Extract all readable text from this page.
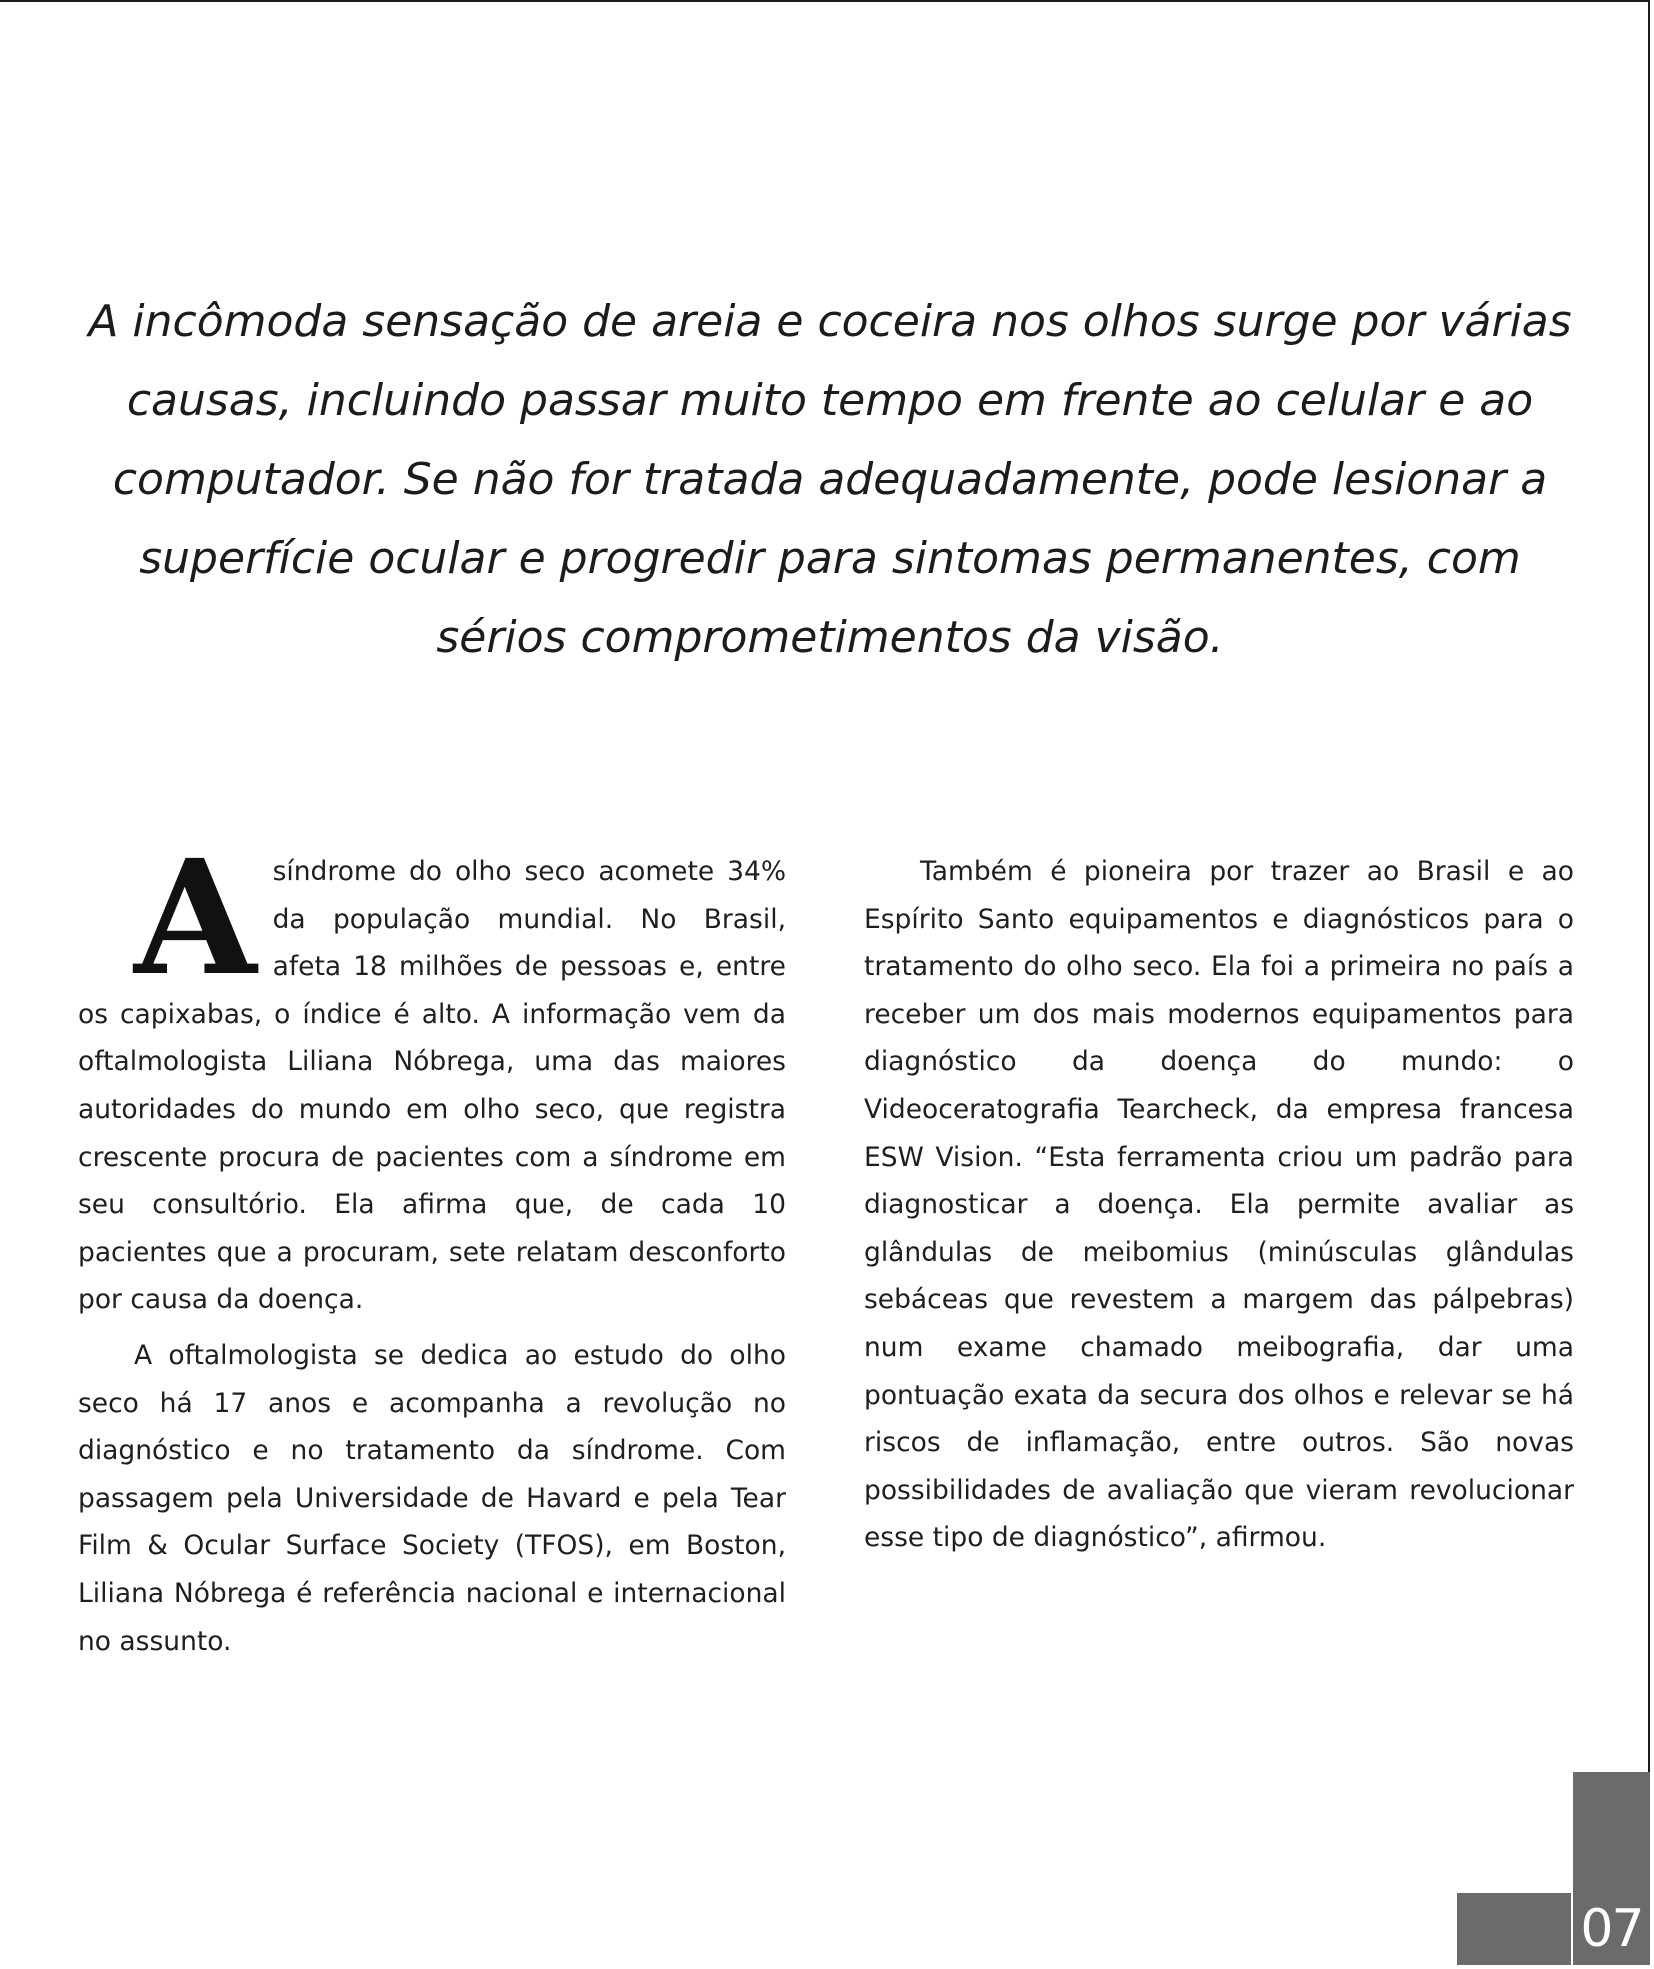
A incômoda sensação de areia e coceira nos olhos surge por várias causas, incluindo passar muito tempo em frente ao celular e ao computador. Se não for tratada adequadamente, pode lesionar a superfície ocular e progredir para sintomas permanentes, com sérios comprometimentos da visão.

Asíndrome do olho seco acomete 34% da população mundial. No Brasil, afeta 18 milhões de pessoas e, entre os capixabas, o índice é alto. A informação vem da oftalmologista Liliana Nóbrega, uma das maiores autoridades do mundo em olho seco, que registra crescente procura de pacientes com a síndrome em seu consultório. Ela afirma que, de cada 10 pacientes que a procuram, sete relatam desconforto por causa da doença.

A oftalmologista se dedica ao estudo do olho seco há 17 anos e acompanha a revolução no diagnóstico e no tratamento da síndrome. Com passagem pela Universidade de Havard e pela Tear Film & Ocular Surface Society (TFOS), em Boston, Liliana Nóbrega é referência nacional e internacional no assunto.

Também é pioneira por trazer ao Brasil e ao Espírito Santo equipamentos e diagnósticos para o tratamento do olho seco. Ela foi a primeira no país a receber um dos mais modernos equipamentos para diagnóstico da doença do mundo: o Videoceratografia Tearcheck, da empresa francesa ESW Vision. “Esta ferramenta criou um padrão para diagnosticar a doença. Ela permite avaliar as glândulas de meibomius (minúsculas glândulas sebáceas que revestem a margem das pálpebras) num exame chamado meibografia, dar uma pontuação exata da secura dos olhos e relevar se há riscos de inflamação, entre outros. São novas possibilidades de avaliação que vieram revolucionar esse tipo de diagnóstico”, afirmou.

07
